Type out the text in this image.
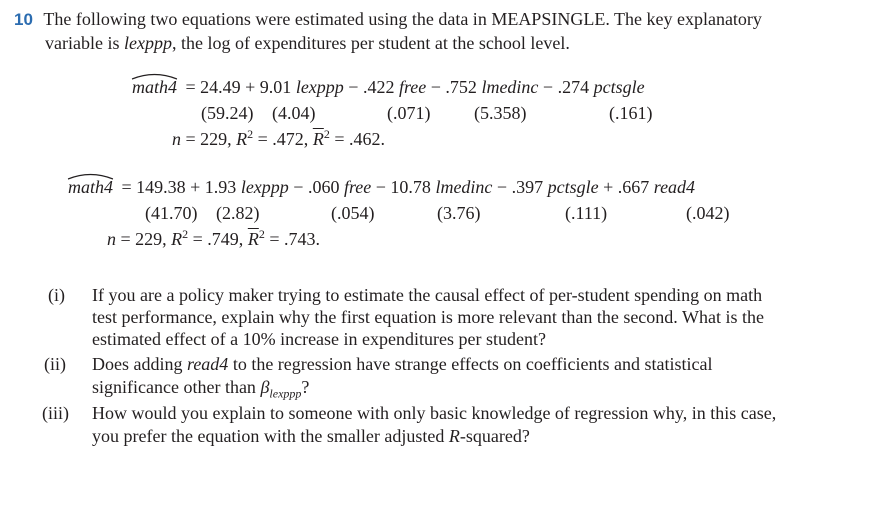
10 The following two equations were estimated using the data in MEAPSINGLE. The key explanatory
variable is lexppp, the log of expenditures per student at the school level.
math4 = 24.49 + 9.01 lexppp − .422 free − .752 lmedinc − .274 pctsgle
(59.24) (4.04)	(.071) (5.358)	(.161)
n = 229, $R^2 = .472$, $\overline{R}^2 = .462$.
math4 = 149.38 + 1.93 lexppp − .060 free − 10.78 lmedinc − .397 pctsgle + .667 read4
(41.70) (2.82)	(.054)	(3.76)	(.111)	(.042)
n = 229, $R^2 = .749$, $\overline{R}^2 = .743$.
(i) If you are a policy maker trying to estimate the causal effect of per-student spending on math
test performance, explain why the first equation is more relevant than the second. What is the
estimated effect of a 10% increase in expenditures per student?
(ii) Does adding read4 to the regression have strange effects on coefficients and statistical
significance other than $\beta_{lexppp}$?
(iii) How would you explain to someone with only basic knowledge of regression why, in this case,
you prefer the equation with the smaller adjusted R-squared?
